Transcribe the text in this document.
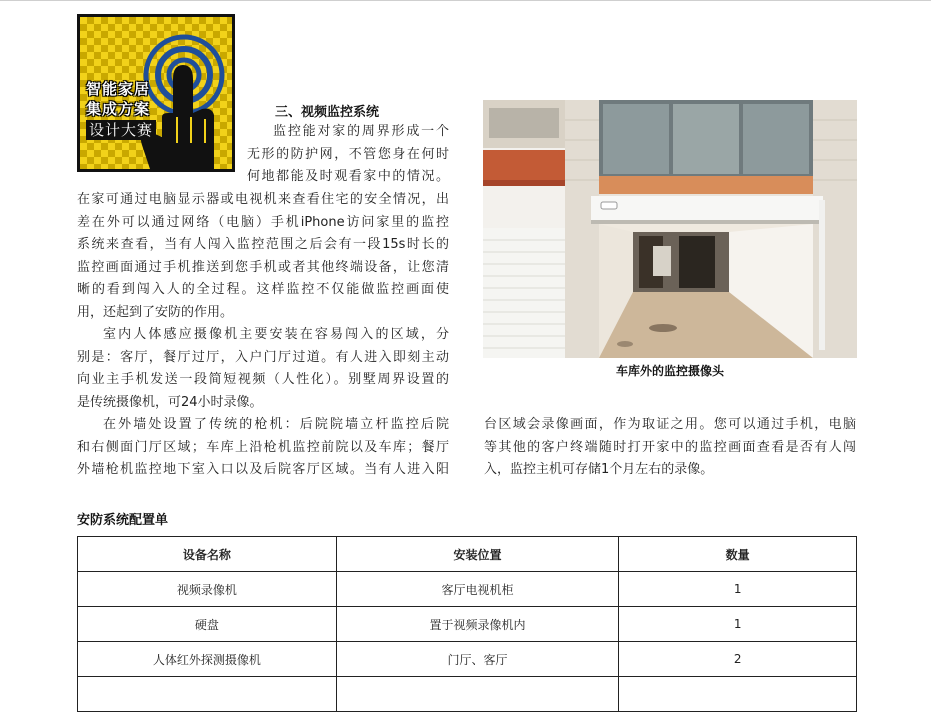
智能家居
集成方案
设计大赛
三、视频监控系统
监控能对家的周界形成一个
无形的防护网，不管您身在何时
何地都能及时观看家中的情况。
在家可通过电脑显示器或电视机来查看住宅的安全情况，出
差在外可以通过网络（电脑）手机iPhone访问家里的监控
系统来查看，当有人闯入监控范围之后会有一段15s时长的
监控画面通过手机推送到您手机或者其他终端设备，让您清
晰的看到闯入人的全过程。这样监控不仅能做监控画面使
用，还起到了安防的作用。
室内人体感应摄像机主要安装在容易闯入的区域，分
别是：客厅，餐厅过厅，入户门厅过道。有人进入即刻主动
向业主手机发送一段简短视频（人性化）。别墅周界设置的
是传统摄像机，可24小时录像。
在外墙处设置了传统的枪机：后院院墙立杆监控后院
和右侧面门厅区域；车库上沿枪机监控前院以及车库；餐厅
外墙枪机监控地下室入口以及后院客厅区域。当有人进入阳
台区域会录像画面，作为取证之用。您可以通过手机，电脑
等其他的客户终端随时打开家中的监控画面查看是否有人闯
入，监控主机可存储1个月左右的录像。
车库外的监控摄像头
安防系统配置单
设备名称	安装位置	数量
视频录像机	客厅电视机柜	1
硬盘	置于视频录像机内	1
人体红外探测摄像机	门厅、客厅	2
